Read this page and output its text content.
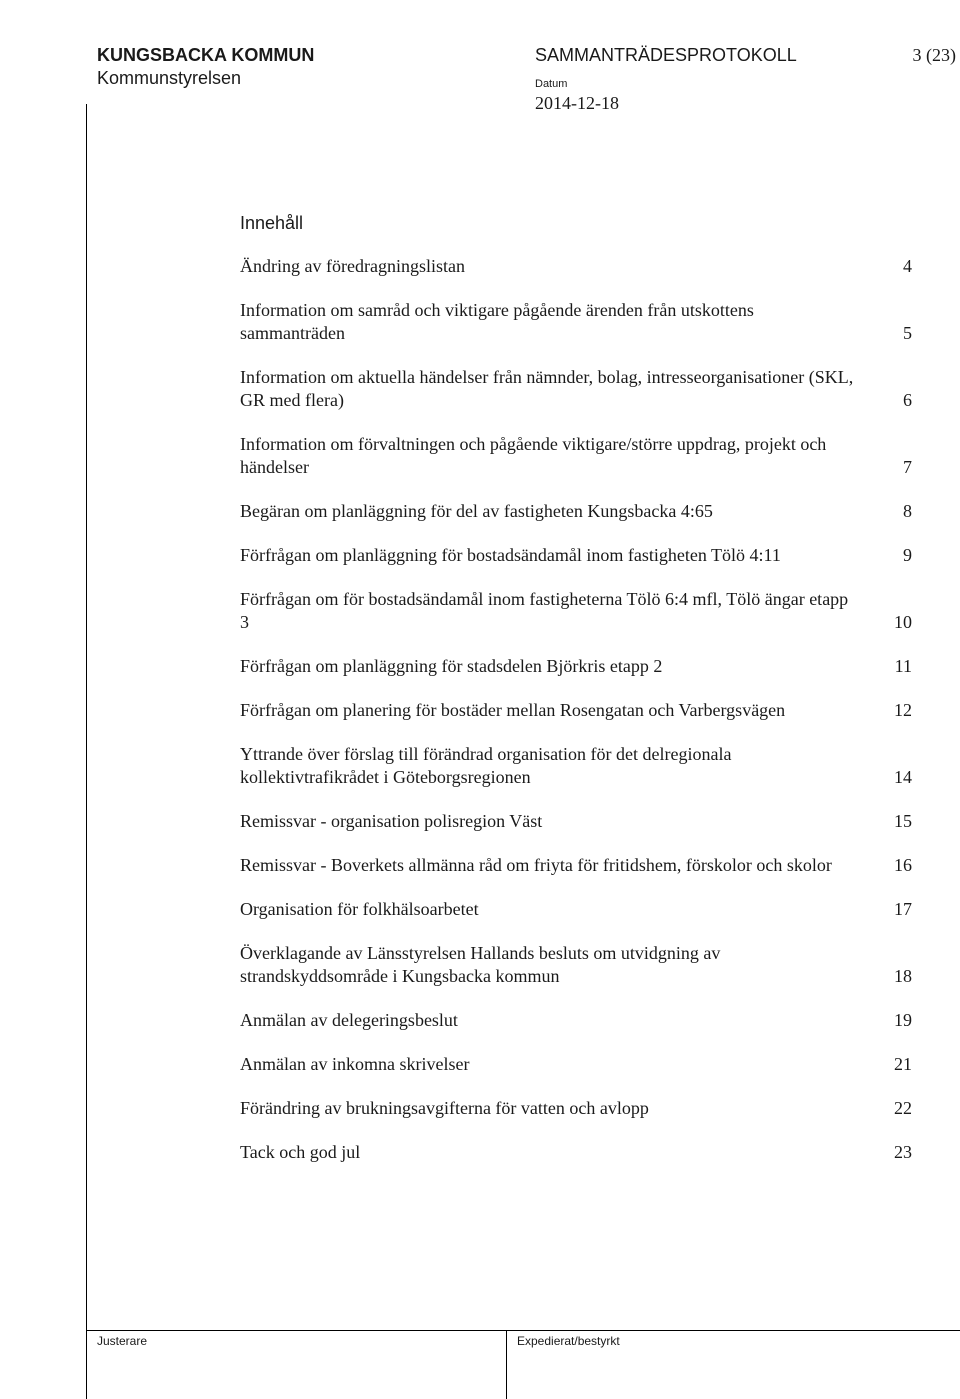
KUNGSBACKA KOMMUN
Kommunstyrelsen
SAMMANTRÄDESPROTOKOLL	3 (23)
Datum
2014-12-18
Innehåll
Ändring av föredragningslistan	4
Information om samråd och viktigare pågående ärenden från utskottens sammanträden	5
Information om aktuella händelser från nämnder, bolag, intresseorganisationer (SKL, GR med flera)	6
Information om förvaltningen och pågående viktigare/större uppdrag, projekt och händelser	7
Begäran om planläggning för del av fastigheten Kungsbacka 4:65	8
Förfrågan om planläggning för bostadsändamål inom fastigheten Tölö 4:11	9
Förfrågan om för bostadsändamål inom fastigheterna Tölö 6:4 mfl, Tölö ängar etapp 3	10
Förfrågan om planläggning för stadsdelen Björkris etapp 2	11
Förfrågan om planering för bostäder mellan Rosengatan och Varbergsvägen	12
Yttrande över förslag till förändrad organisation för det delregionala kollektivtrafikrådet i Göteborgsregionen	14
Remissvar - organisation polisregion Väst	15
Remissvar - Boverkets allmänna råd om friyta för fritidshem, förskolor och skolor	16
Organisation för folkhälsoarbetet	17
Överklagande av Länsstyrelsen Hallands besluts om utvidgning av strandskyddsområde i Kungsbacka kommun	18
Anmälan av delegeringsbeslut	19
Anmälan av inkomna skrivelser	21
Förändring av brukningsavgifterna för vatten och avlopp	22
Tack och god jul	23
Justerare	Expedierat/bestyrkt
